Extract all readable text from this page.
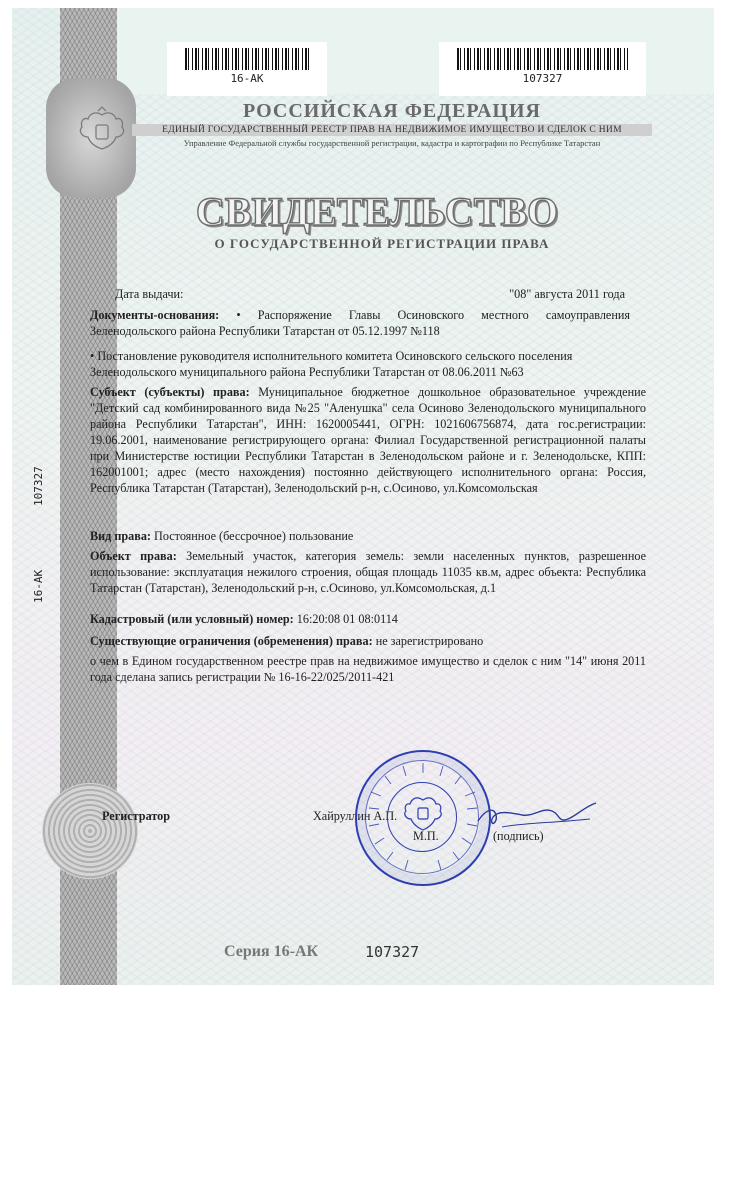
16-АК	107327
107327
16-АК
РОССИЙСКАЯ ФЕДЕРАЦИЯ
ЕДИНЫЙ ГОСУДАРСТВЕННЫЙ РЕЕСТР ПРАВ НА НЕДВИЖИМОЕ ИМУЩЕСТВО И СДЕЛОК С НИМ
Управление Федеральной службы государственной регистрации, кадастра и картографии по Республике Татарстан
СВИДЕТЕЛЬСТВО
О ГОСУДАРСТВЕННОЙ РЕГИСТРАЦИИ ПРАВА
Дата выдачи:	"08" августа 2011 года
Документы-основания: • Распоряжение Главы Осиновского местного самоуправления Зеленодольского района Республики Татарстан от 05.12.1997 №118
• Постановление руководителя исполнительного комитета Осиновского сельского поселения Зеленодольского муниципального района Республики Татарстан от 08.06.2011 №63
Субъект (субъекты) права: Муниципальное бюджетное дошкольное образовательное учреждение "Детский сад комбинированного вида №25 "Аленушка" села Осиново Зеленодольского муниципального района Республики Татарстан", ИНН: 1620005441, ОГРН: 1021606756874, дата гос.регистрации: 19.06.2001, наименование регистрирующего органа: Филиал Государственной регистрационной палаты при Министерстве юстиции Республики Татарстан в Зеленодольском районе и г. Зеленодольске, КПП: 162001001; адрес (место нахождения) постоянно действующего исполнительного органа: Россия, Республика Татарстан (Татарстан), Зеленодольский р-н, с.Осиново, ул.Комсомольская
Вид права: Постоянное (бессрочное) пользование
Объект права: Земельный участок, категория земель: земли населенных пунктов, разрешенное использование: эксплуатация нежилого строения, общая площадь 11035 кв.м, адрес объекта: Республика Татарстан (Татарстан), Зеленодольский р-н, с.Осиново, ул.Комсомольская, д.1
Кадастровый (или условный) номер: 16:20:08 01 08:0114
Существующие ограничения (обременения) права: не зарегистрировано
о чем в Едином государственном реестре прав на недвижимое имущество и сделок с ним "14" июня 2011 года сделана запись регистрации № 16-16-22/025/2011-421
Регистратор	Хайруллин А.П.
М.П.	(подпись)
Серия 16-АК	107327
